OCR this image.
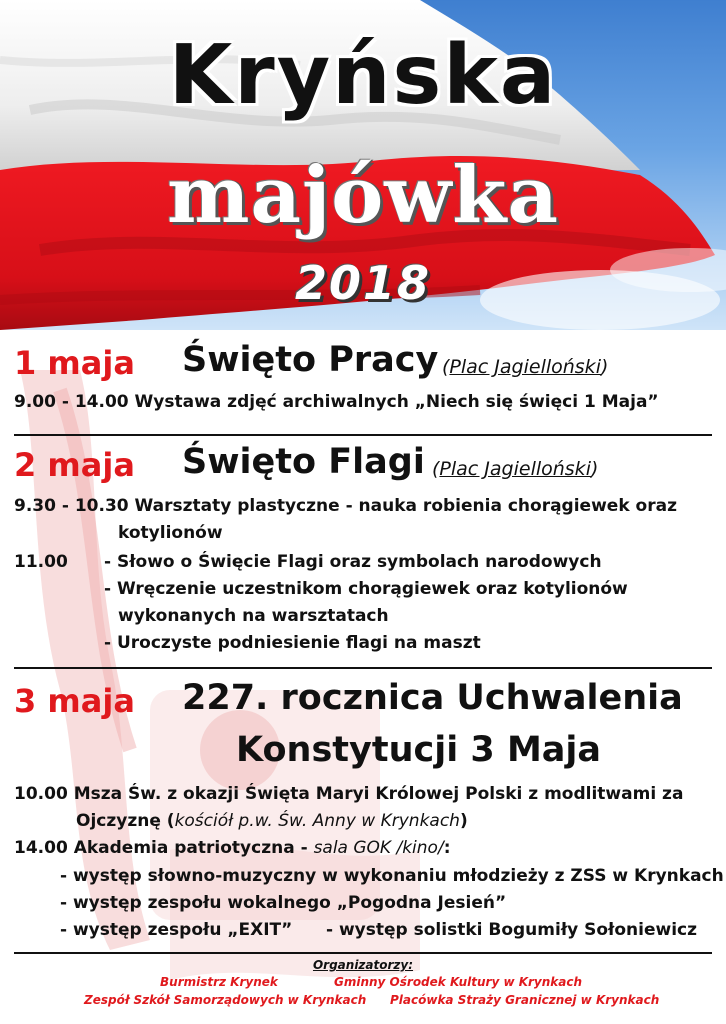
Kryńska
majówka
2018
1 maja Święto Pracy (Plac Jagielloński)
9.00 - 14.00 Wystawa zdjęć archiwalnych „Niech się święci 1 Maja”
2 maja Święto Flagi (Plac Jagielloński)
9.30 - 10.30 Warsztaty plastyczne - nauka robienia chorągiewek oraz
kotylionów
11.00 - Słowo o Święcie Flagi oraz symbolach narodowych
- Wręczenie uczestnikom chorągiewek oraz kotylionów
wykonanych na warsztatach
- Uroczyste podniesienie flagi na maszt
3 maja 227. rocznica Uchwalenia
Konstytucji 3 Maja
10.00 Msza Św. z okazji Święta Maryi Królowej Polski z modlitwami za
Ojczyznę (kościół p.w. Św. Anny w Krynkach)
14.00 Akademia patriotyczna - sala GOK /kino/:
- występ słowno-muzyczny w wykonaniu młodzieży z ZSS w Krynkach
- występ zespołu wokalnego „Pogodna Jesień”
- występ zespołu „EXIT” - występ solistki Bogumiły Sołoniewicz
Organizatorzy:
Burmistrz Krynek	Gminny Ośrodek Kultury w Krynkach
Zespół Szkół Samorządowych w Krynkach Placówka Straży Granicznej w Krynkach
